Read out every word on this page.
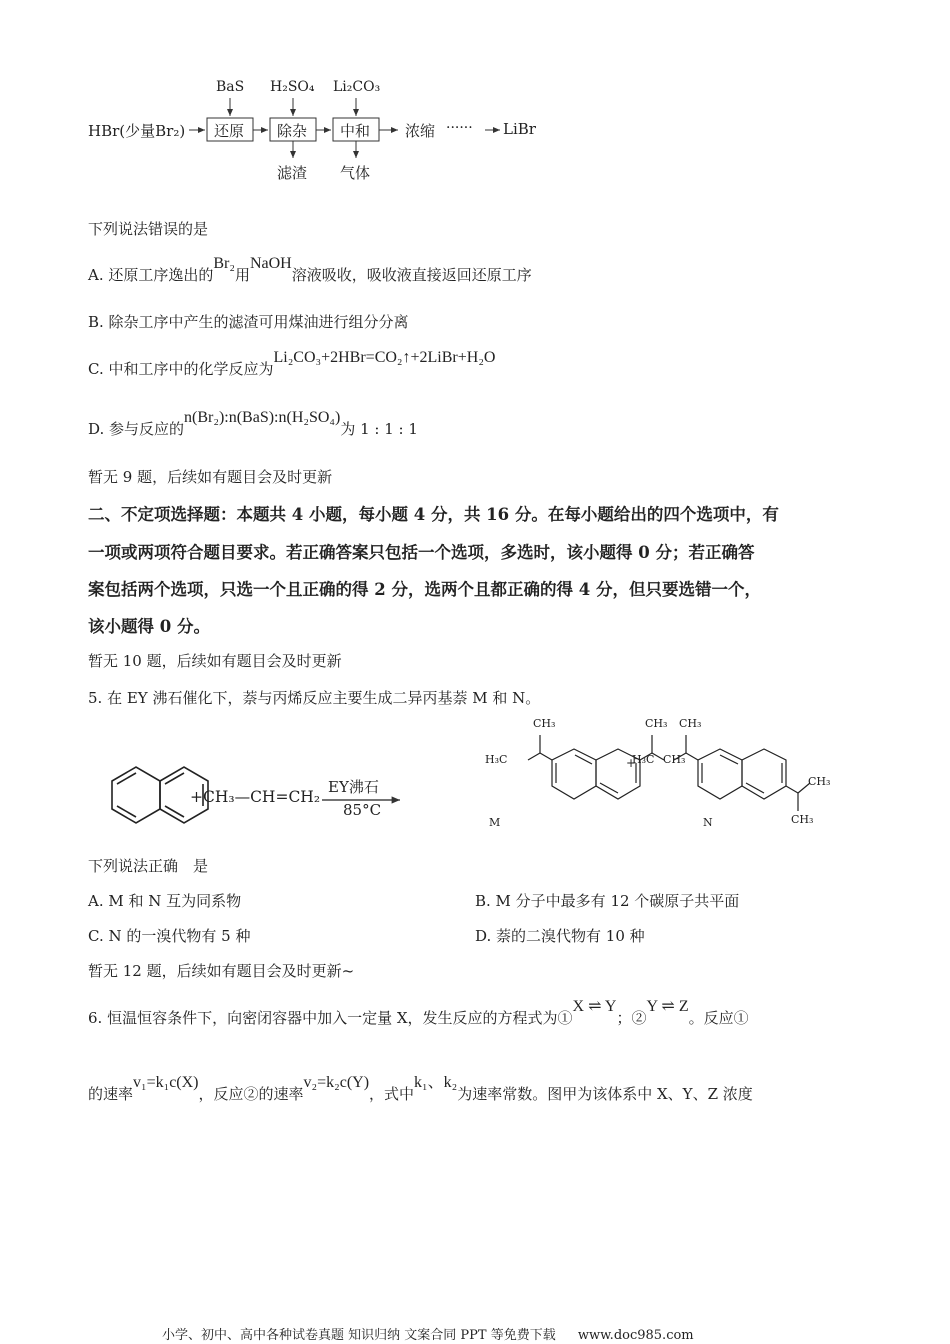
HBr(少量Br₂)
BaS H₂SO₄ Li₂CO₃
还原 除杂 中和
滤渣 气体
浓缩 ······ LiBr
下列说法错误的是
A. 还原工序逸出的Br₂用NaOH溶液吸收，吸收液直接返回还原工序
B. 除杂工序中产生的滤渣可用煤油进行组分分离
C. 中和工序中的化学反应为Li₂CO₃+2HBr=CO₂↑+2LiBr+H₂O
D. 参与反应的n(Br₂):n(BaS):n(H₂SO₄)为 1 : 1 : 1
暂无 9 题，后续如有题目会及时更新
二、不定项选择题：本题共 4 小题，每小题 4 分，共 16 分。在每小题给出的四个选项中，有
一项或两项符合题目要求。若正确答案只包括一个选项，多选时，该小题得 0 分；若正确答
案包括两个选项，只选一个且正确的得 2 分，选两个且都正确的得 4 分，但只要选错一个，
该小题得 0 分。
暂无 10 题，后续如有题目会及时更新
5. 在 EY 沸石催化下，萘与丙烯反应主要生成二异丙基萘 M 和 N。
+CH₃—CH=CH₂
EY沸石
85°C
CH₃
H₃C
CH₃
CH₃
M
+
CH₃
H₃C
CH₃
CH₃
N
下列说法正确　是
A. M 和 N 互为同系物	B. M 分子中最多有 12 个碳原子共平面
C. N 的一溴代物有 5 种	D. 萘的二溴代物有 10 种
暂无 12 题，后续如有题目会及时更新~
6. 恒温恒容条件下，向密闭容器中加入一定量 X，发生反应的方程式为①X ⇌ Y；②Y ⇌ Z。反应①
的速率v₁=k₁c(X)，反应②的速率v₂=k₂c(Y)，式中k₁、k₂为速率常数。图甲为该体系中 X、Y、Z 浓度
小学、初中、高中各种试卷真题 知识归纳 文案合同 PPT 等免费下载 www.doc985.com
